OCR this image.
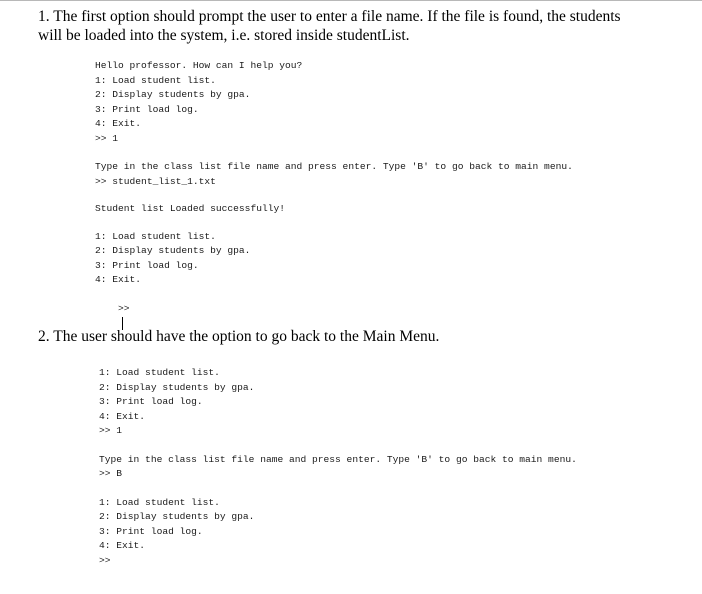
1. The first option should prompt the user to enter a file name. If the file is found, the students
will be loaded into the system, i.e. stored inside studentList.

Hello professor. How can I help you?
1: Load student list.
2: Display students by gpa.
3: Print load log.
4: Exit.
>> 1
Type in the class list file name and press enter. Type 'B' to go back to main menu.
>> student_list_1.txt
Student list Loaded successfully!
1: Load student list.
2: Display students by gpa.
3: Print load log.
4: Exit.

>>

2. The user should have the option to go back to the Main Menu.

1: Load student list.
2: Display students by gpa.
3: Print load log.
4: Exit.
>> 1
Type in the class list file name and press enter. Type 'B' to go back to main menu.
>> B
1: Load student list.
2: Display students by gpa.
3: Print load log.
4: Exit.
>>
